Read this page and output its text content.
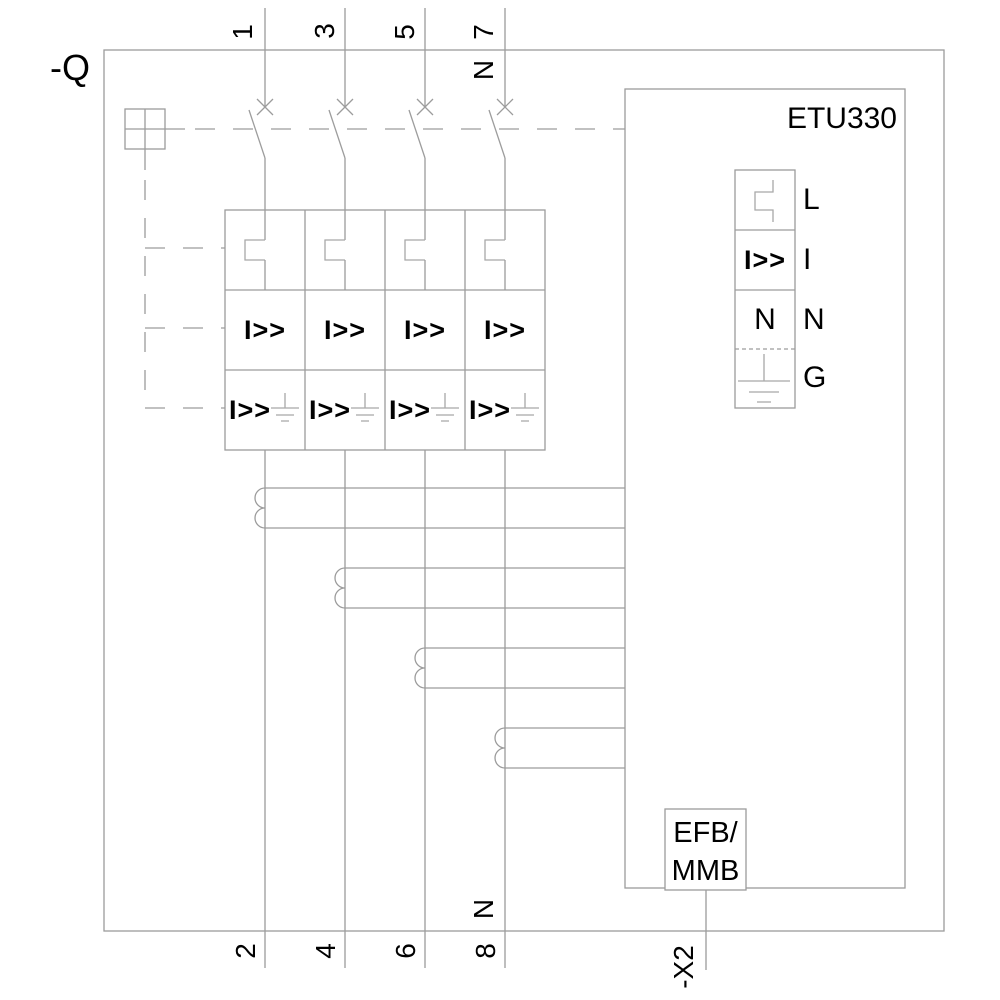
-Q
1 3 5 7
N
ETU330
I>>
N
L
I
N
G
I>>	I>>	I>>	I>>
I>>	I>>	I>>	I>>
EFB/
MMB
2 4 6 8
N
-X2
